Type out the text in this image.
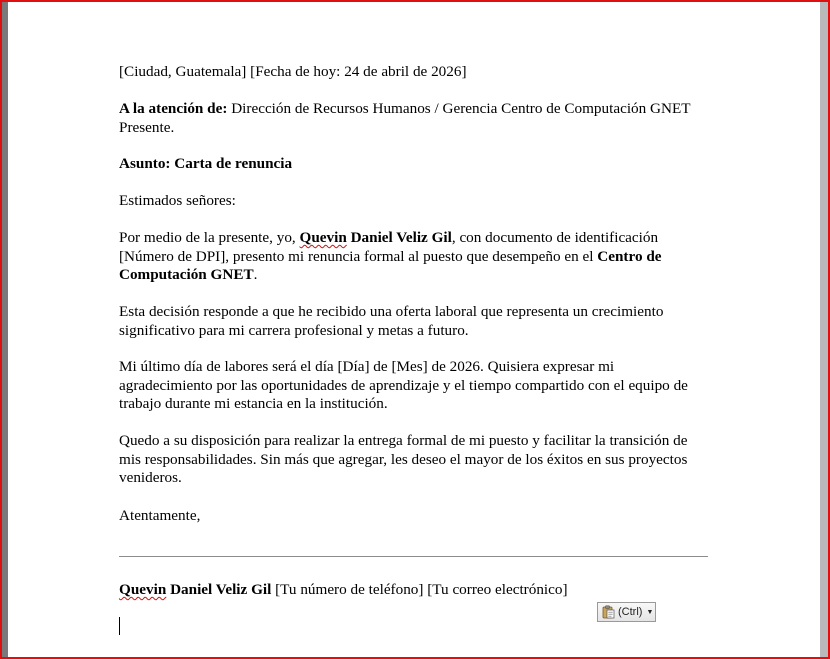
[Ciudad, Guatemala] [Fecha de hoy: 24 de abril de 2026]
A la atención de: Dirección de Recursos Humanos / Gerencia Centro de Computación GNET Presente.
Asunto: Carta de renuncia
Estimados señores:
Por medio de la presente, yo, Quevin Daniel Veliz Gil, con documento de identificación [Número de DPI], presento mi renuncia formal al puesto que desempeño en el Centro de Computación GNET.
Esta decisión responde a que he recibido una oferta laboral que representa un crecimiento significativo para mi carrera profesional y metas a futuro.
Mi último día de labores será el día [Día] de [Mes] de 2026. Quisiera expresar mi agradecimiento por las oportunidades de aprendizaje y el tiempo compartido con el equipo de trabajo durante mi estancia en la institución.
Quedo a su disposición para realizar la entrega formal de mi puesto y facilitar la transición de mis responsabilidades. Sin más que agregar, les deseo el mayor de los éxitos en sus proyectos venideros.
Atentamente,
Quevin Daniel Veliz Gil [Tu número de teléfono] [Tu correo electrónico]
(Ctrl) ▼
